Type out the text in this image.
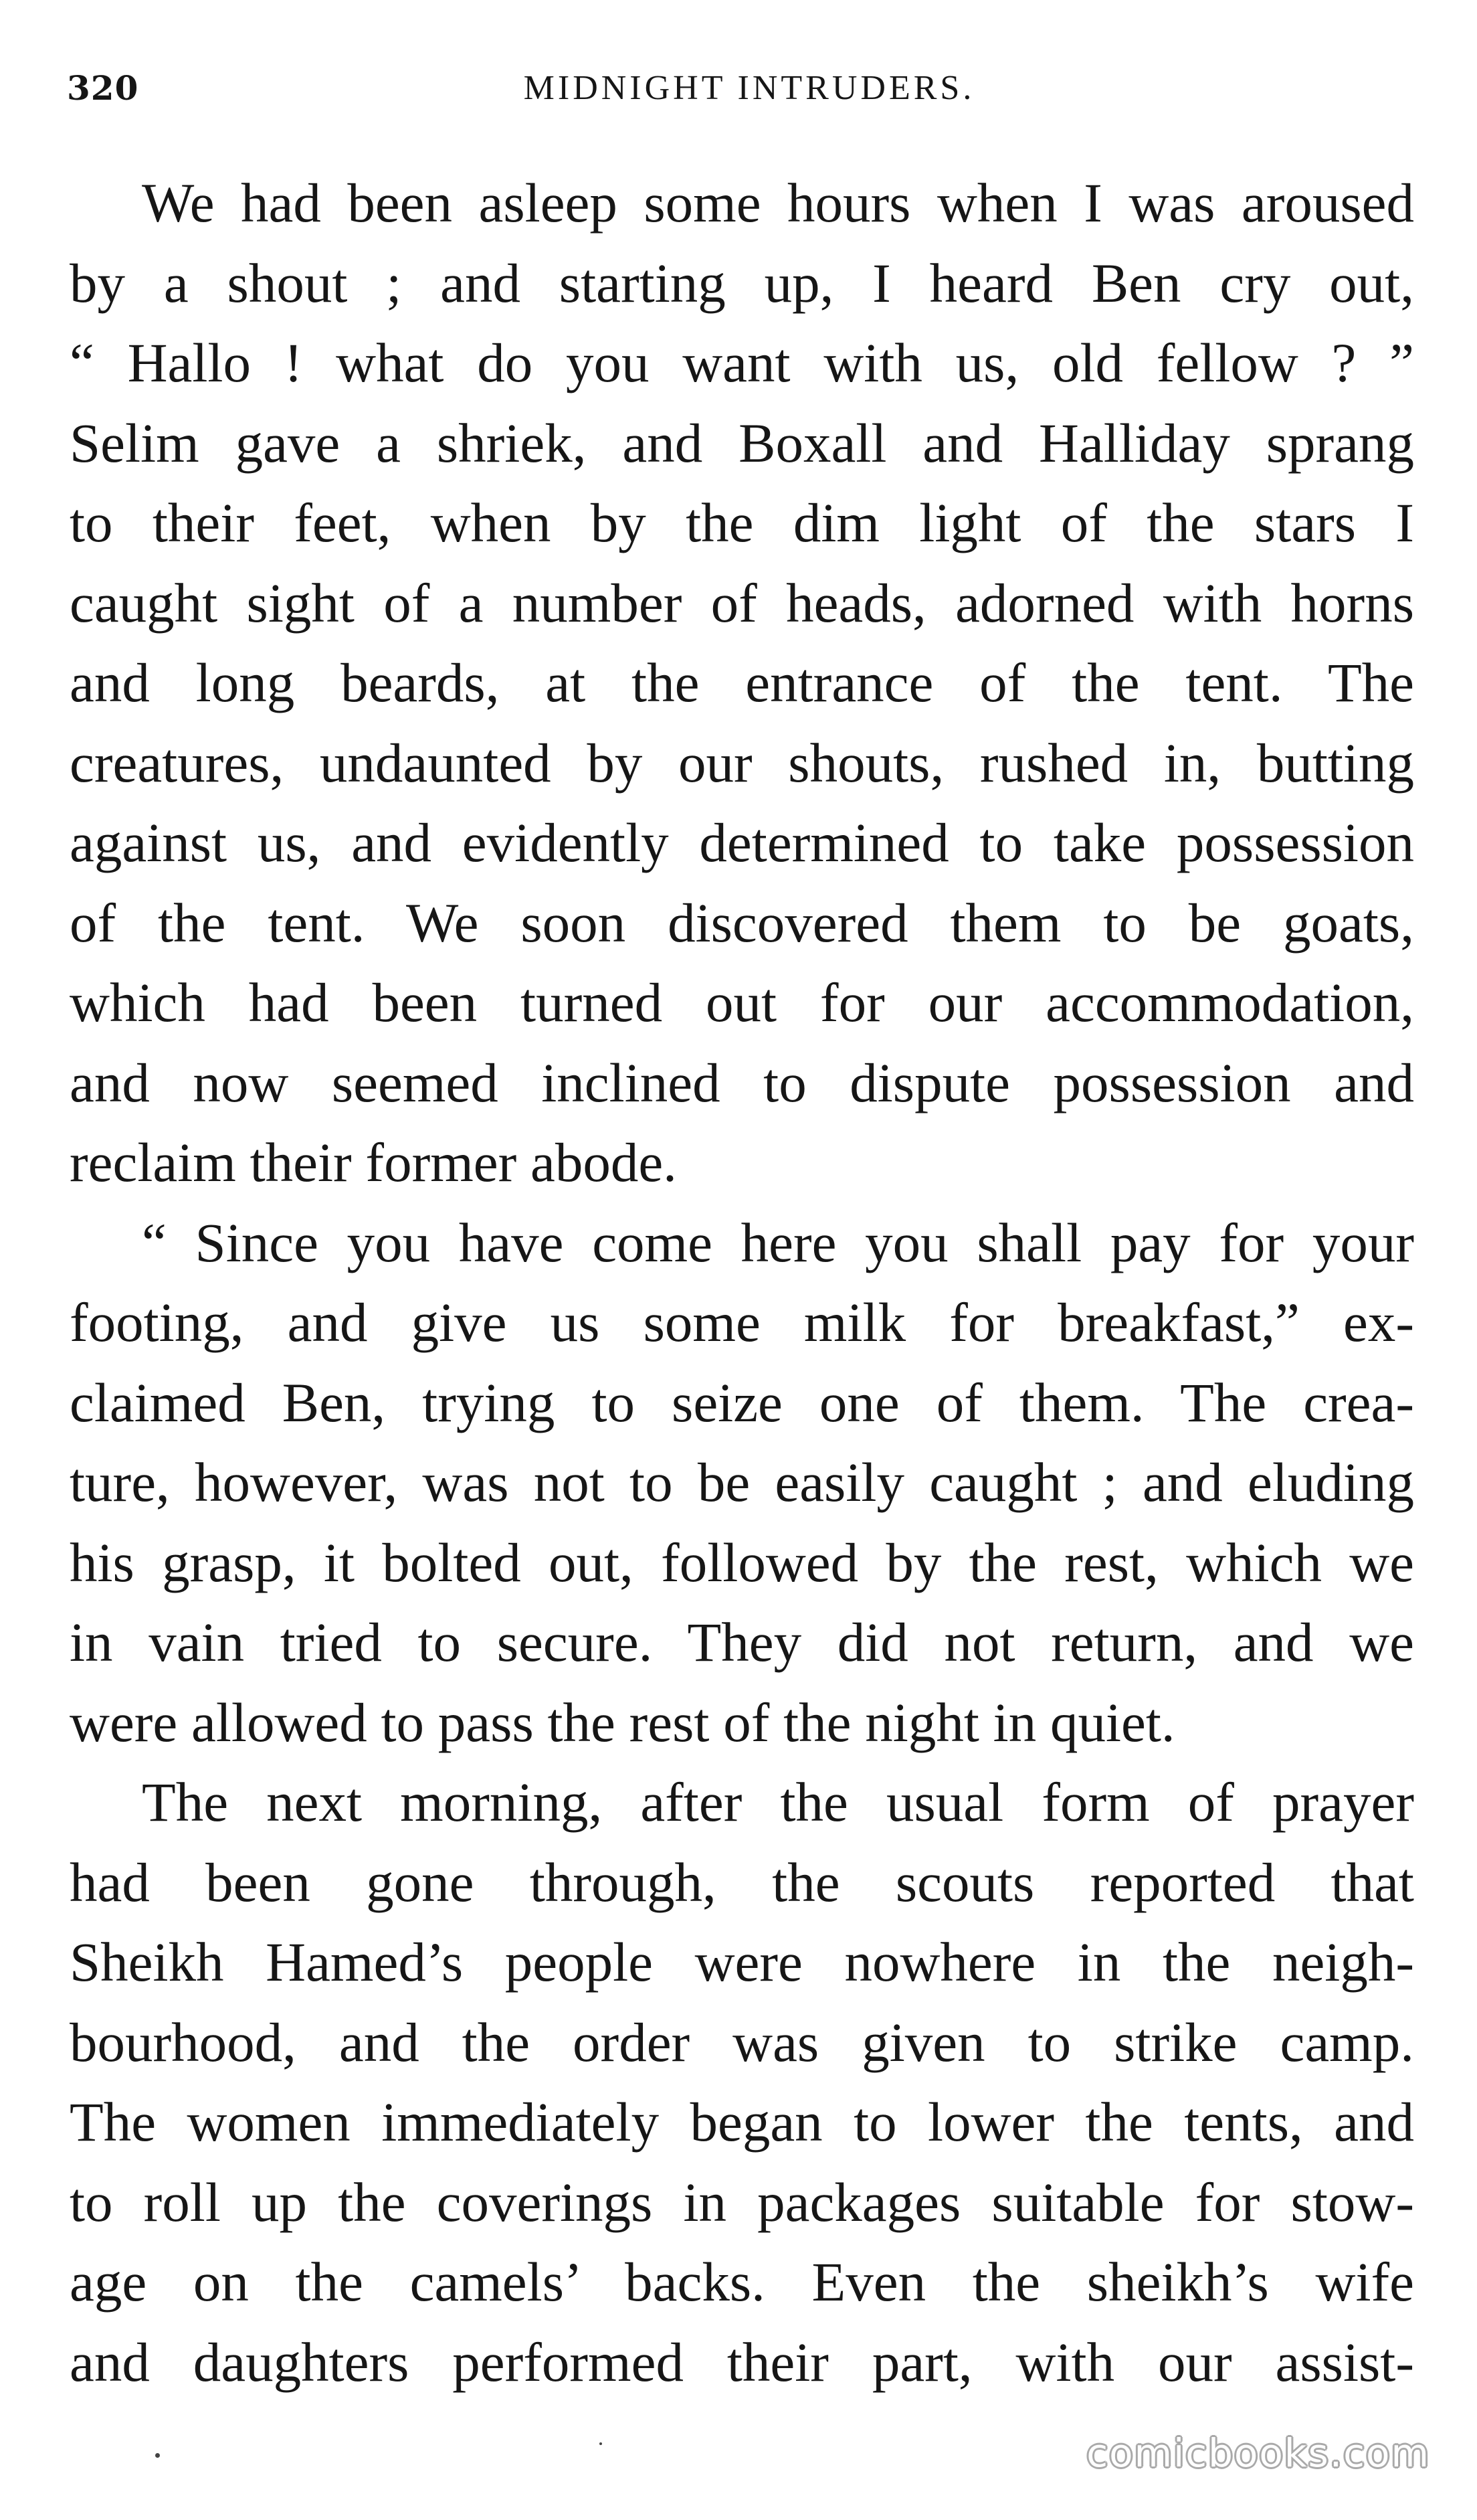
320	MIDNIGHT INTRUDERS.

We had been asleep some hours when I was aroused
by a shout ; and starting up, I heard Ben cry out,
“ Hallo ! what do you want with us, old fellow ? ”
Selim gave a shriek, and Boxall and Halliday sprang
to their feet, when by the dim light of the stars I
caught sight of a number of heads, adorned with horns
and long beards, at the entrance of the tent. The
creatures, undaunted by our shouts, rushed in, butting
against us, and evidently determined to take possession
of the tent. We soon discovered them to be goats,
which had been turned out for our accommodation,
and now seemed inclined to dispute possession and
reclaim their former abode.

“ Since you have come here you shall pay for your
footing, and give us some milk for breakfast,” ex-
claimed Ben, trying to seize one of them. The crea-
ture, however, was not to be easily caught ; and eluding
his grasp, it bolted out, followed by the rest, which we
in vain tried to secure. They did not return, and we
were allowed to pass the rest of the night in quiet.

The next morning, after the usual form of prayer
had been gone through, the scouts reported that
Sheikh Hamed’s people were nowhere in the neigh-
bourhood, and the order was given to strike camp.
The women immediately began to lower the tents, and
to roll up the coverings in packages suitable for stow-
age on the camels’ backs. Even the sheikh’s wife
and daughters performed their part, with our assist-

comicbooks.com
